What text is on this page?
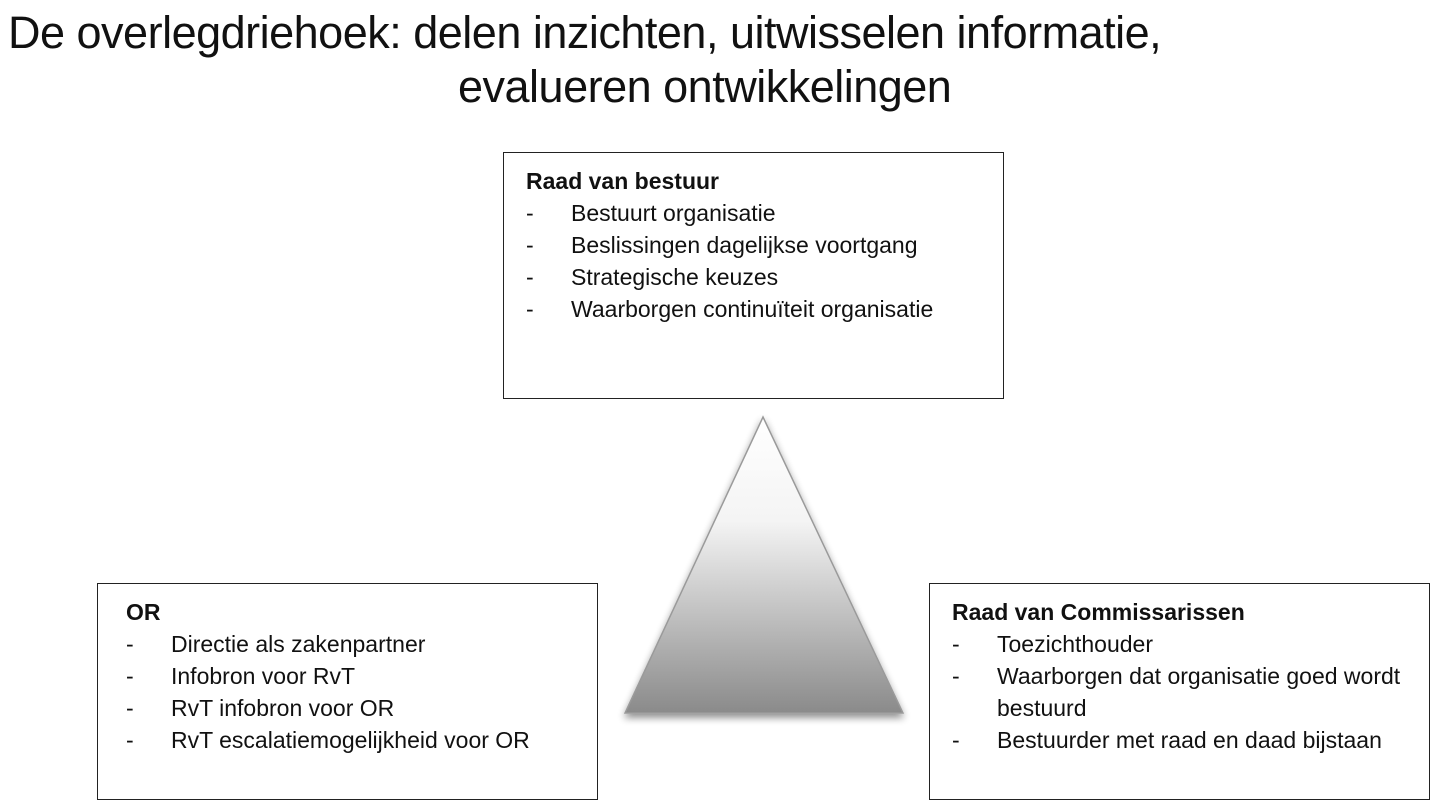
De overlegdriehoek: delen inzichten, uitwisselen informatie,
evalueren ontwikkelingen
Raad van bestuur
- Bestuurt organisatie
- Beslissingen dagelijkse voortgang
- Strategische keuzes
- Waarborgen continuïteit organisatie
OR
- Directie als zakenpartner
- Infobron voor RvT
- RvT infobron voor OR
- RvT escalatiemogelijkheid voor OR
Raad van Commissarissen
- Toezichthouder
- Waarborgen dat organisatie goed wordt bestuurd
- Bestuurder met raad en daad bijstaan
